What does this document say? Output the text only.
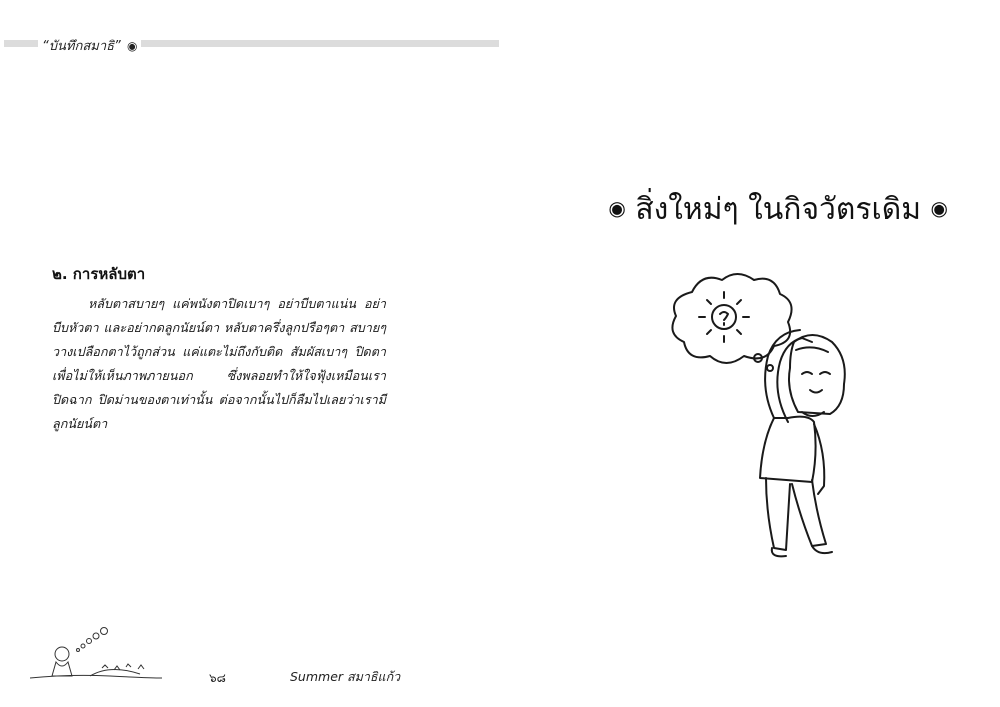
“บันทึกสมาธิ” ◉
๒. การหลับตา

หลับตาสบายๆ แค่พนังตาปิดเบาๆ อย่าบีบตาแน่น อย่าบีบหัวตา และอย่ากดลูกนัยน์ตา หลับตาครึ่งลูกปรือๆตา สบายๆ วางเปลือกตาไว้ถูกส่วน แค่แตะไม่ถึงกับติด สัมผัสเบาๆ ปิดตาเพื่อไม่ให้เห็นภาพภายนอก ซึ่งพลอยทำให้ใจฟุ้งเหมือนเราปิดฉาก ปิดม่านของตาเท่านั้น ต่อจากนั้นไปก็ลืมไปเลยว่าเรามีลูกนัยน์ตา

๖๘	Summer สมาธิแก้ว
◉ สิ่งใหม่ๆ ในกิจวัตรเดิม ◉
